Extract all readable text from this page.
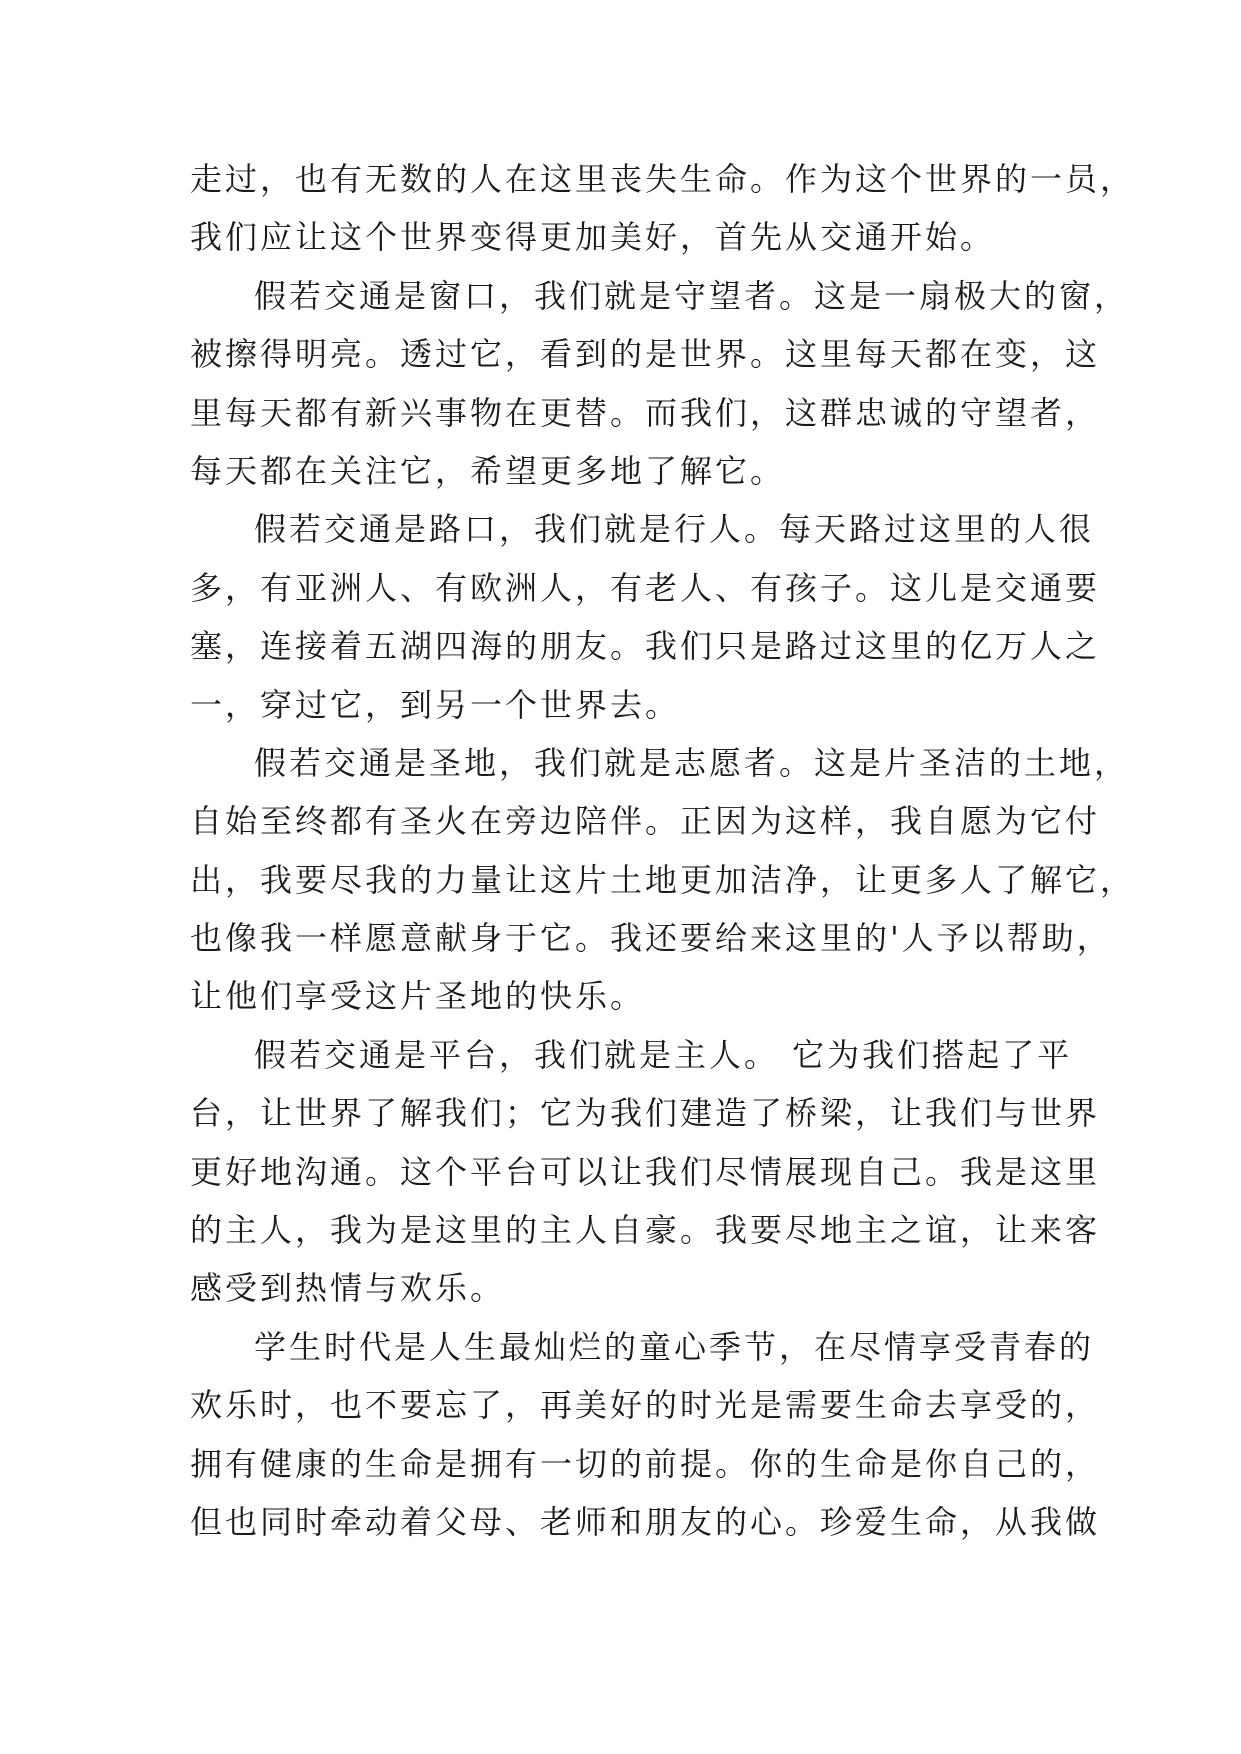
走过，也有无数的人在这里丧失生命。作为这个世界的一员，
我们应让这个世界变得更加美好，首先从交通开始。
假若交通是窗口，我们就是守望者。这是一扇极大的窗，
被擦得明亮。透过它，看到的是世界。这里每天都在变，这
里每天都有新兴事物在更替。而我们，这群忠诚的守望者，
每天都在关注它，希望更多地了解它。
假若交通是路口，我们就是行人。每天路过这里的人很
多，有亚洲人、有欧洲人，有老人、有孩子。这儿是交通要
塞，连接着五湖四海的朋友。我们只是路过这里的亿万人之
一，穿过它，到另一个世界去。
假若交通是圣地，我们就是志愿者。这是片圣洁的土地，
自始至终都有圣火在旁边陪伴。正因为这样，我自愿为它付
出，我要尽我的力量让这片土地更加洁净，让更多人了解它，
也像我一样愿意献身于它。我还要给来这里的'人予以帮助，
让他们享受这片圣地的快乐。
假若交通是平台，我们就是主人。 它为我们搭起了平
台，让世界了解我们；它为我们建造了桥梁，让我们与世界
更好地沟通。这个平台可以让我们尽情展现自己。我是这里
的主人，我为是这里的主人自豪。我要尽地主之谊，让来客
感受到热情与欢乐。
学生时代是人生最灿烂的童心季节，在尽情享受青春的
欢乐时，也不要忘了，再美好的时光是需要生命去享受的，
拥有健康的生命是拥有一切的前提。你的生命是你自己的，
但也同时牵动着父母、老师和朋友的心。珍爱生命，从我做
